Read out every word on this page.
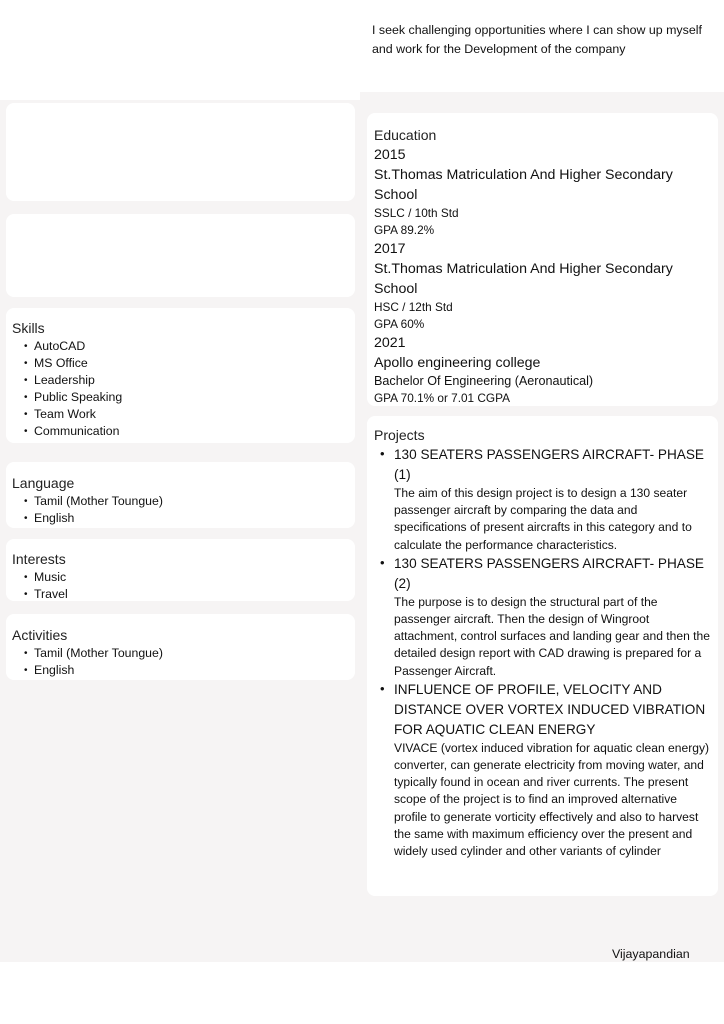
I seek challenging opportunities where I can show up myself and work for the Development of the company
Skills
• AutoCAD
• MS Office
• Leadership
• Public Speaking
• Team Work
• Communication
Language
• Tamil (Mother Toungue)
• English
Interests
• Music
• Travel
Activities
• Tamil (Mother Toungue)
• English
Education

2015

St.Thomas Matriculation And Higher Secondary School

SSLC / 10th Std

GPA 89.2%

2017

St.Thomas Matriculation And Higher Secondary School

HSC / 12th Std

GPA 60%

2021

Apollo engineering college

Bachelor Of Engineering (Aeronautical)

GPA 70.1% or 7.01 CGPA

Projects
• 130 SEATERS PASSENGERS AIRCRAFT- PHASE (1)

The aim of this design project is to design a 130 seater passenger aircraft by comparing the data and specifications of present aircrafts in this category and to calculate the performance characteristics.

• 130 SEATERS PASSENGERS AIRCRAFT- PHASE (2)

The purpose is to design the structural part of the passenger aircraft. Then the design of Wingroot attachment, control surfaces and landing gear and then the detailed design report with CAD drawing is prepared for a Passenger Aircraft.

• INFLUENCE OF PROFILE, VELOCITY AND DISTANCE OVER VORTEX INDUCED VIBRATION FOR AQUATIC CLEAN ENERGY

VIVACE (vortex induced vibration for aquatic clean energy) converter, can generate electricity from moving water, and typically found in ocean and river currents. The present scope of the project is to find an improved alternative profile to generate vorticity effectively and also to harvest the same with maximum efficiency over the present and widely used cylinder and other variants of cylinder

Vijayapandian
